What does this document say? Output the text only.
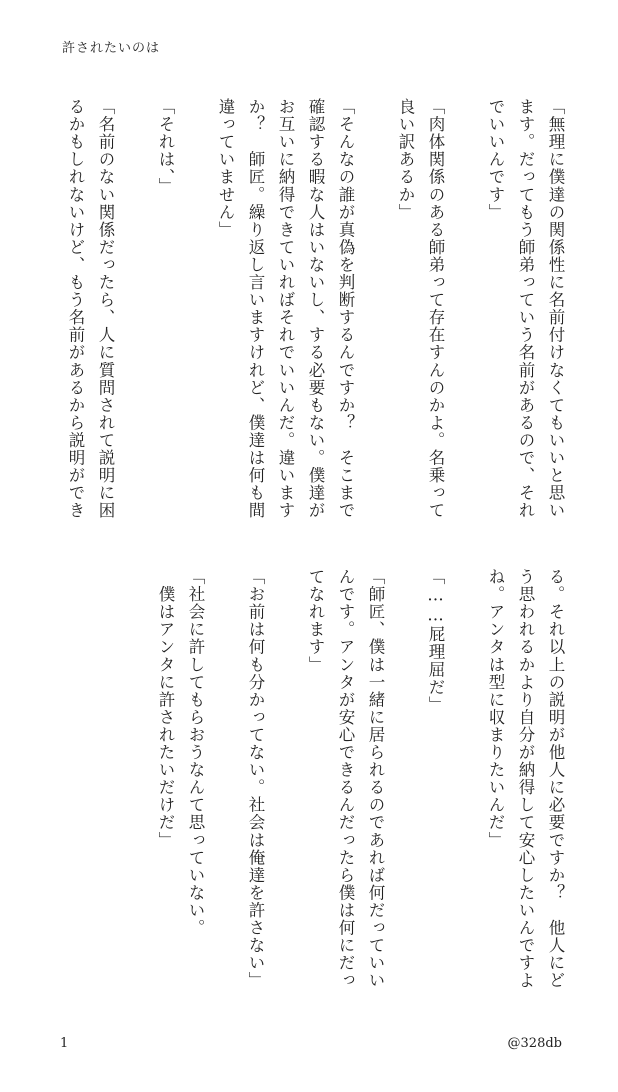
許されたいのは
「無理に僕達の関係性に名前付けなくてもいいと思い
ます。だってもう師弟っていう名前があるので、それ
でいいんです」
「肉体関係のある師弟って存在すんのかよ。名乗って
良い訳あるか」
「そんなの誰が真偽を判断するんですか？　そこまで
確認する暇な人はいないし、する必要もない。僕達が
お互いに納得できていればそれでいいんだ。違います
か？　師匠。繰り返し言いますけれど、僕達は何も間
違っていません」
「それは、」
「名前のない関係だったら、人に質問されて説明に困
るかもしれないけど、もう名前があるから説明ができ
る。それ以上の説明が他人に必要ですか？　他人にど
う思われるかより自分が納得して安心したいんですよ
ね。アンタは型に収まりたいんだ」
「……屁理屈だ」
「師匠、僕は一緒に居られるのであれば何だっていい
んです。アンタが安心できるんだったら僕は何にだっ
てなれます」
「お前は何も分かってない。社会は俺達を許さない」
「社会に許してもらおうなんて思っていない。
　僕はアンタに許されたいだけだ」
1	@328db
